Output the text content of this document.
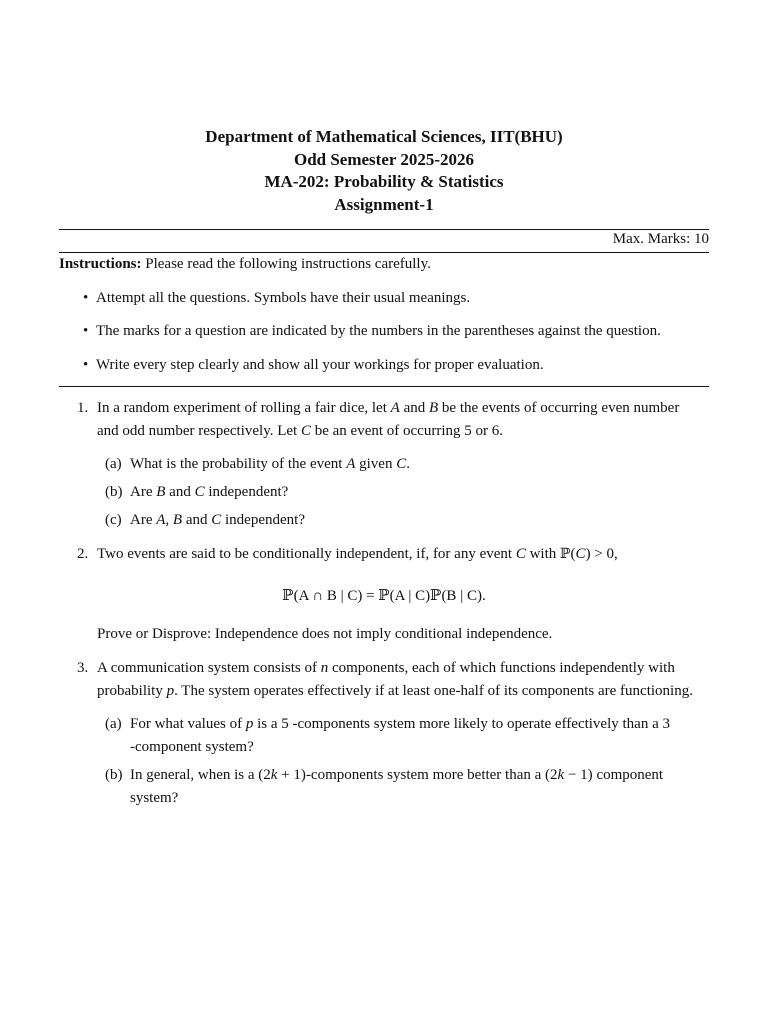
Department of Mathematical Sciences, IIT(BHU)
Odd Semester 2025-2026
MA-202: Probability & Statistics
Assignment-1
Max. Marks: 10
Instructions: Please read the following instructions carefully.
• Attempt all the questions. Symbols have their usual meanings.
• The marks for a question are indicated by the numbers in the parentheses against the question.
• Write every step clearly and show all your workings for proper evaluation.
1. In a random experiment of rolling a fair dice, let A and B be the events of occurring even number
and odd number respectively. Let C be an event of occurring 5 or 6.
(a) What is the probability of the event A given C.
(b) Are B and C independent?
(c) Are A, B and C independent?
2. Two events are said to be conditionally independent, if, for any event C with ℙ(C) > 0,
ℙ(A ∩ B | C) = ℙ(A | C)ℙ(B | C).
Prove or Disprove: Independence does not imply conditional independence.
3. A communication system consists of n components, each of which functions independently with
probability p. The system operates effectively if at least one-half of its components are functioning.
(a) For what values of p is a 5 -components system more likely to operate effectively than a 3
-component system?
(b) In general, when is a (2k + 1)-components system more better than a (2k − 1) component
system?
